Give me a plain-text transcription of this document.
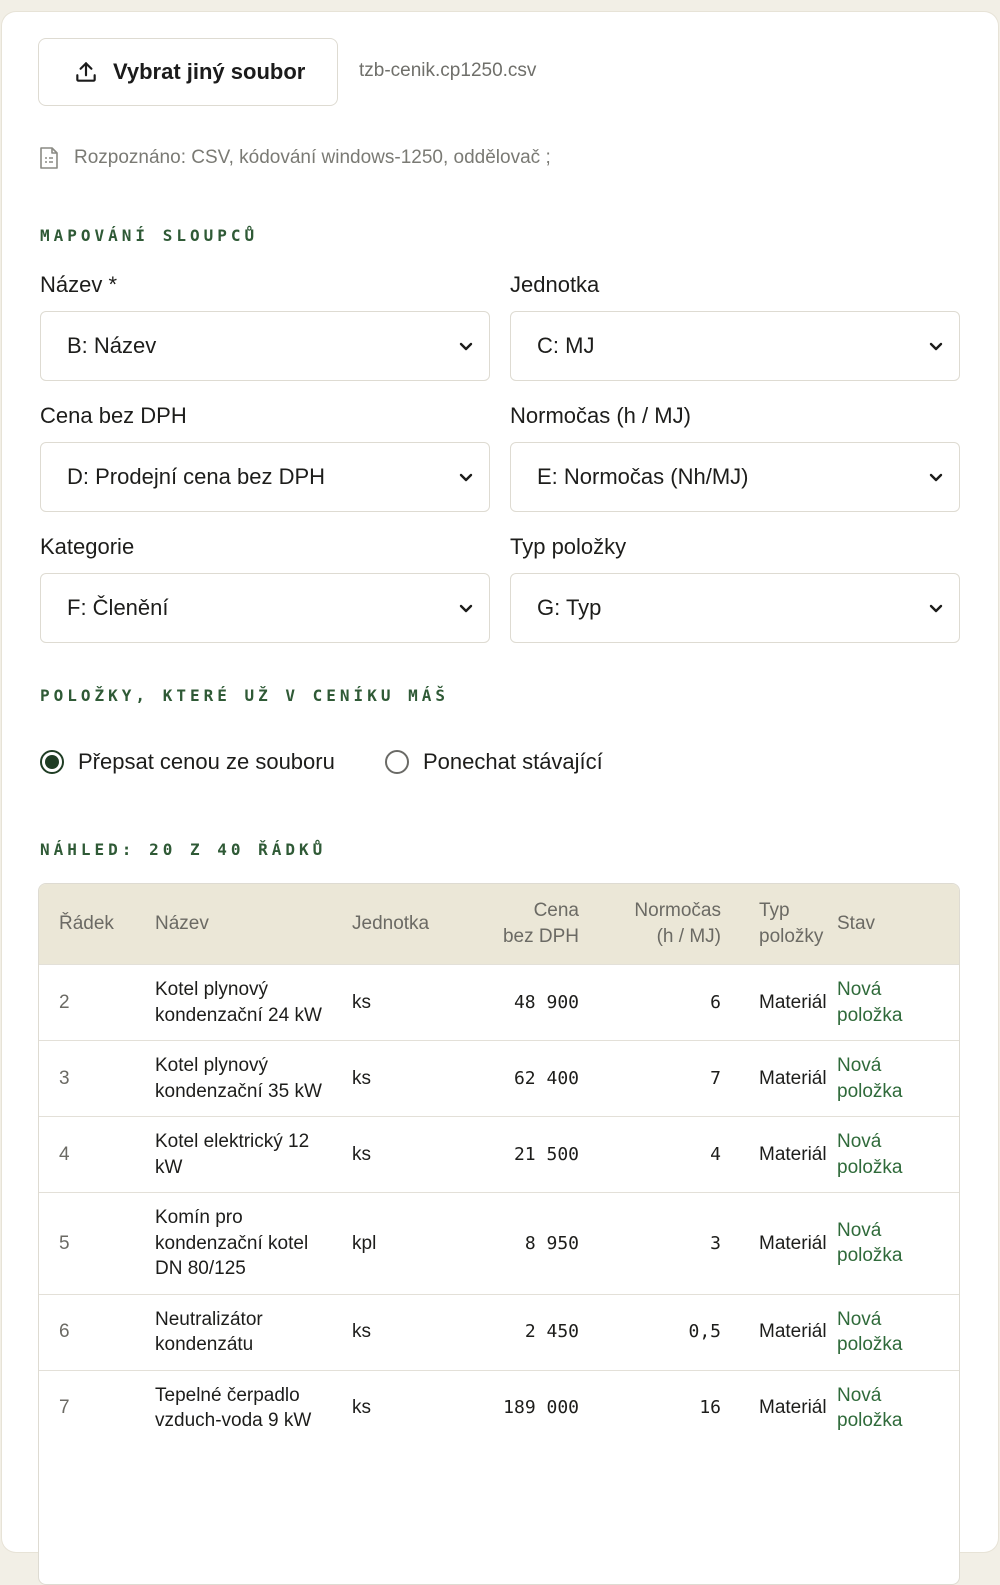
Vybrat jiný soubor	tzb-cenik.cp1250.csv
Rozpoznáno: CSV, kódování windows-1250, oddělovač ;
MAPOVÁNÍ SLOUPCŮ
Název *
B: Název
Jednotka
C: MJ
Cena bez DPH
D: Prodejní cena bez DPH
Normočas (h / MJ)
E: Normočas (Nh/MJ)
Kategorie
F: Členění
Typ položky
G: Typ
POLOŽKY, KTERÉ UŽ V CENÍKU MÁŠ
Přepsat cenou ze souboru	Ponechat stávající
NÁHLED: 20 Z 40 ŘÁDKŮ
Řádek	Název	Jednotka	Cena bez DPH	Normočas (h / MJ)	Typ položky	Stav
2	Kotel plynový kondenzační 24 kW	ks	48 900	6	Materiál	Nová položka
3	Kotel plynový kondenzační 35 kW	ks	62 400	7	Materiál	Nová položka
4	Kotel elektrický 12 kW	ks	21 500	4	Materiál	Nová položka
5	Komín pro kondenzační kotel DN 80/125	kpl	8 950	3	Materiál	Nová položka
6	Neutralizátor kondenzátu	ks	2 450	0,5	Materiál	Nová položka
7	Tepelné čerpadlo vzduch-voda 9 kW	ks	189 000	16	Materiál	Nová položka
